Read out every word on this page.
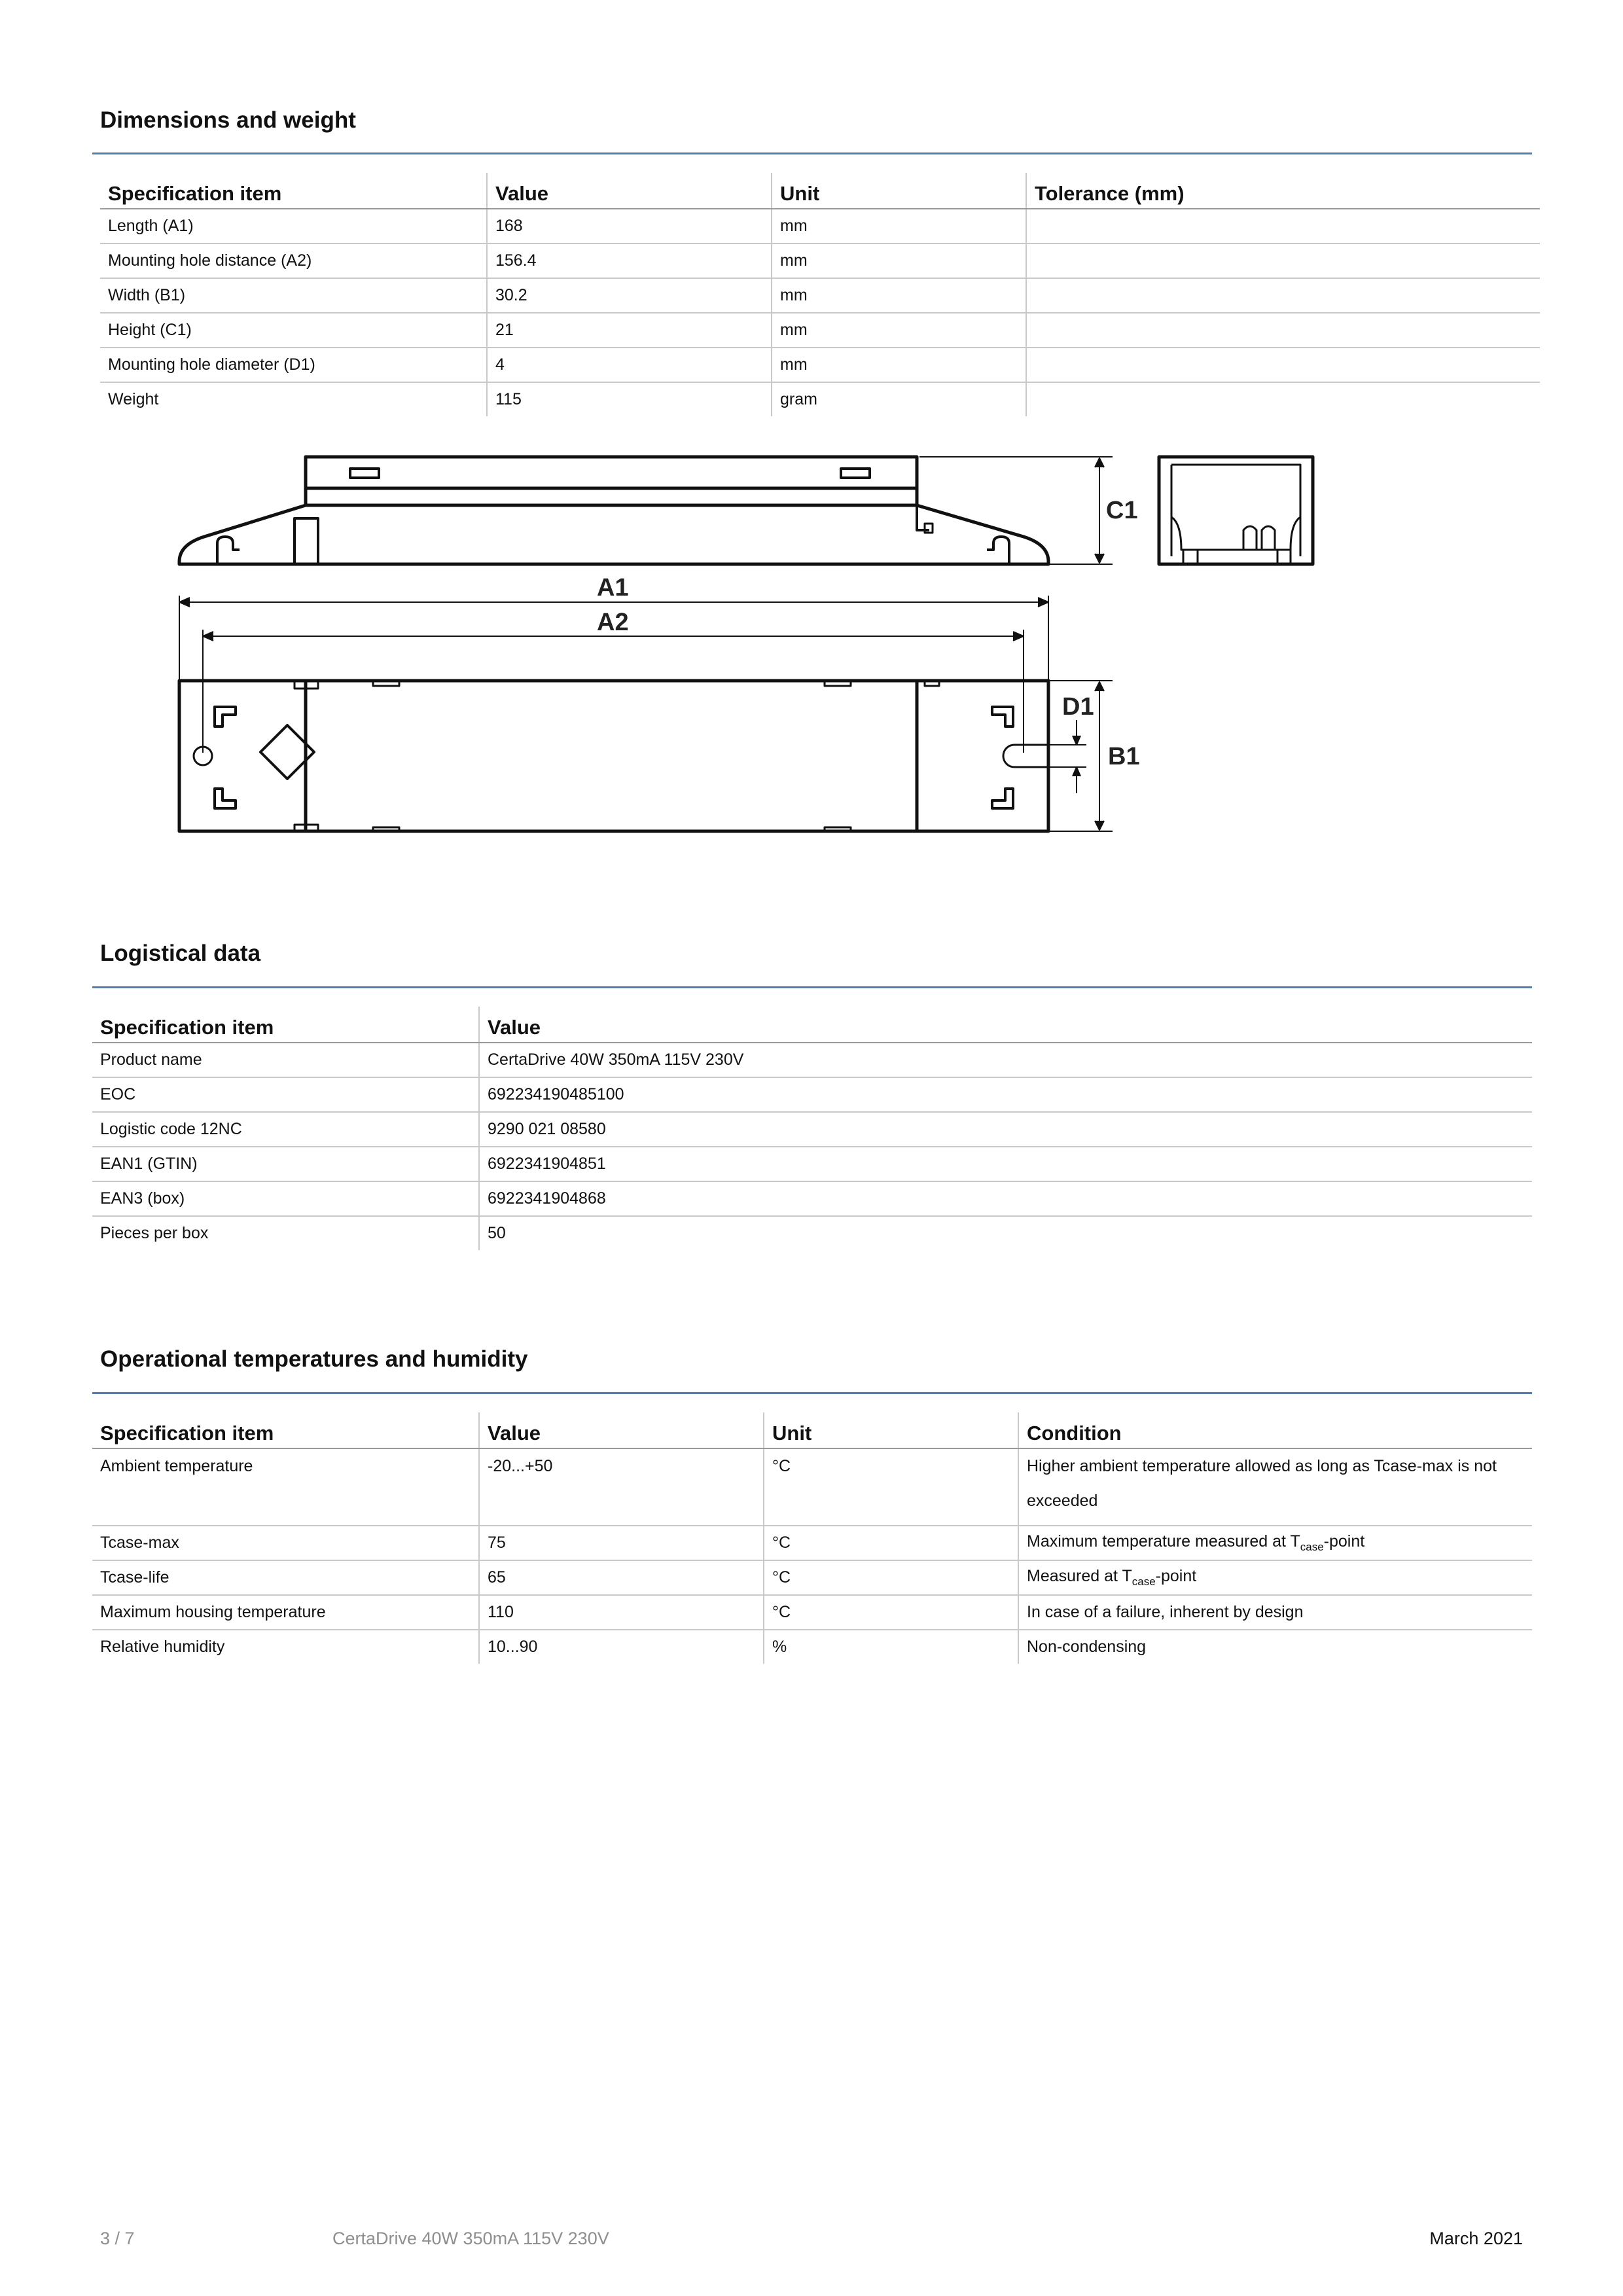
Dimensions and weight
Specification item	Value	Unit	Tolerance (mm)
Length (A1)	168	mm	
Mounting hole distance (A2)	156.4	mm	
Width (B1)	30.2	mm	
Height (C1)	21	mm	
Mounting hole diameter (D1)	4	mm	
Weight	115	gram	
C1
A1
A2
D1
B1
Logistical data
Specification item	Value
Product name	CertaDrive 40W 350mA 115V 230V
EOC	692234190485100
Logistic code 12NC	9290 021 08580
EAN1 (GTIN)	6922341904851
EAN3 (box)	6922341904868
Pieces per box	50
Operational temperatures and humidity
Specification item	Value	Unit	Condition
Ambient temperature	-20...+50	°C	Higher ambient temperature allowed as long as Tcase-max is not
exceeded

Tcase-max	75	°C	Maximum temperature measured at $T_{case}$-point
Tcase-life	65	°C	Measured at $T_{case}$-point
Maximum housing temperature	110	°C	In case of a failure, inherent by design
Relative humidity	10...90	%	Non-condensing
3 / 7	CertaDrive 40W 350mA 115V 230V	March 2021
